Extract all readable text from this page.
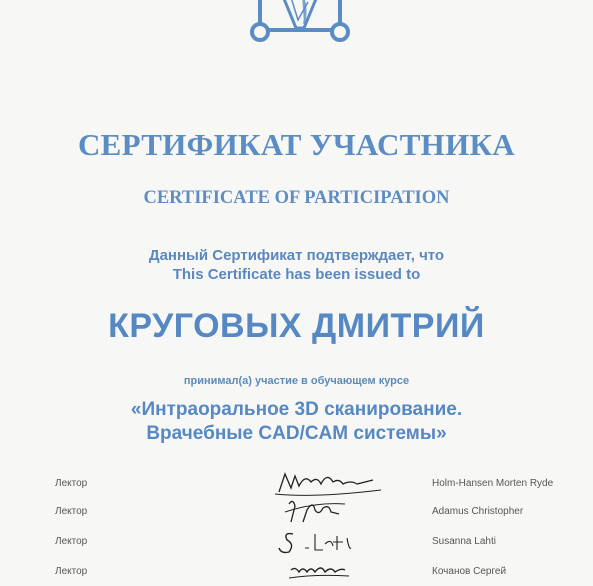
СЕРТИФИКАТ УЧАСТНИКА
CERTIFICATE OF PARTICIPATION
Данный Сертификат подтверждает, что
This Certificate has been issued to
КРУГОВЫХ ДМИТРИЙ
принимал(а) участие в обучающем курсе
«Интраоральное 3D сканирование.
Врачебные CAD/CAM системы»
Лектор	Holm-Hansen Morten Ryde
Лектор	Adamus Christopher
Лектор	Susanna Lahti
Лектор	Кочанов Сергей
